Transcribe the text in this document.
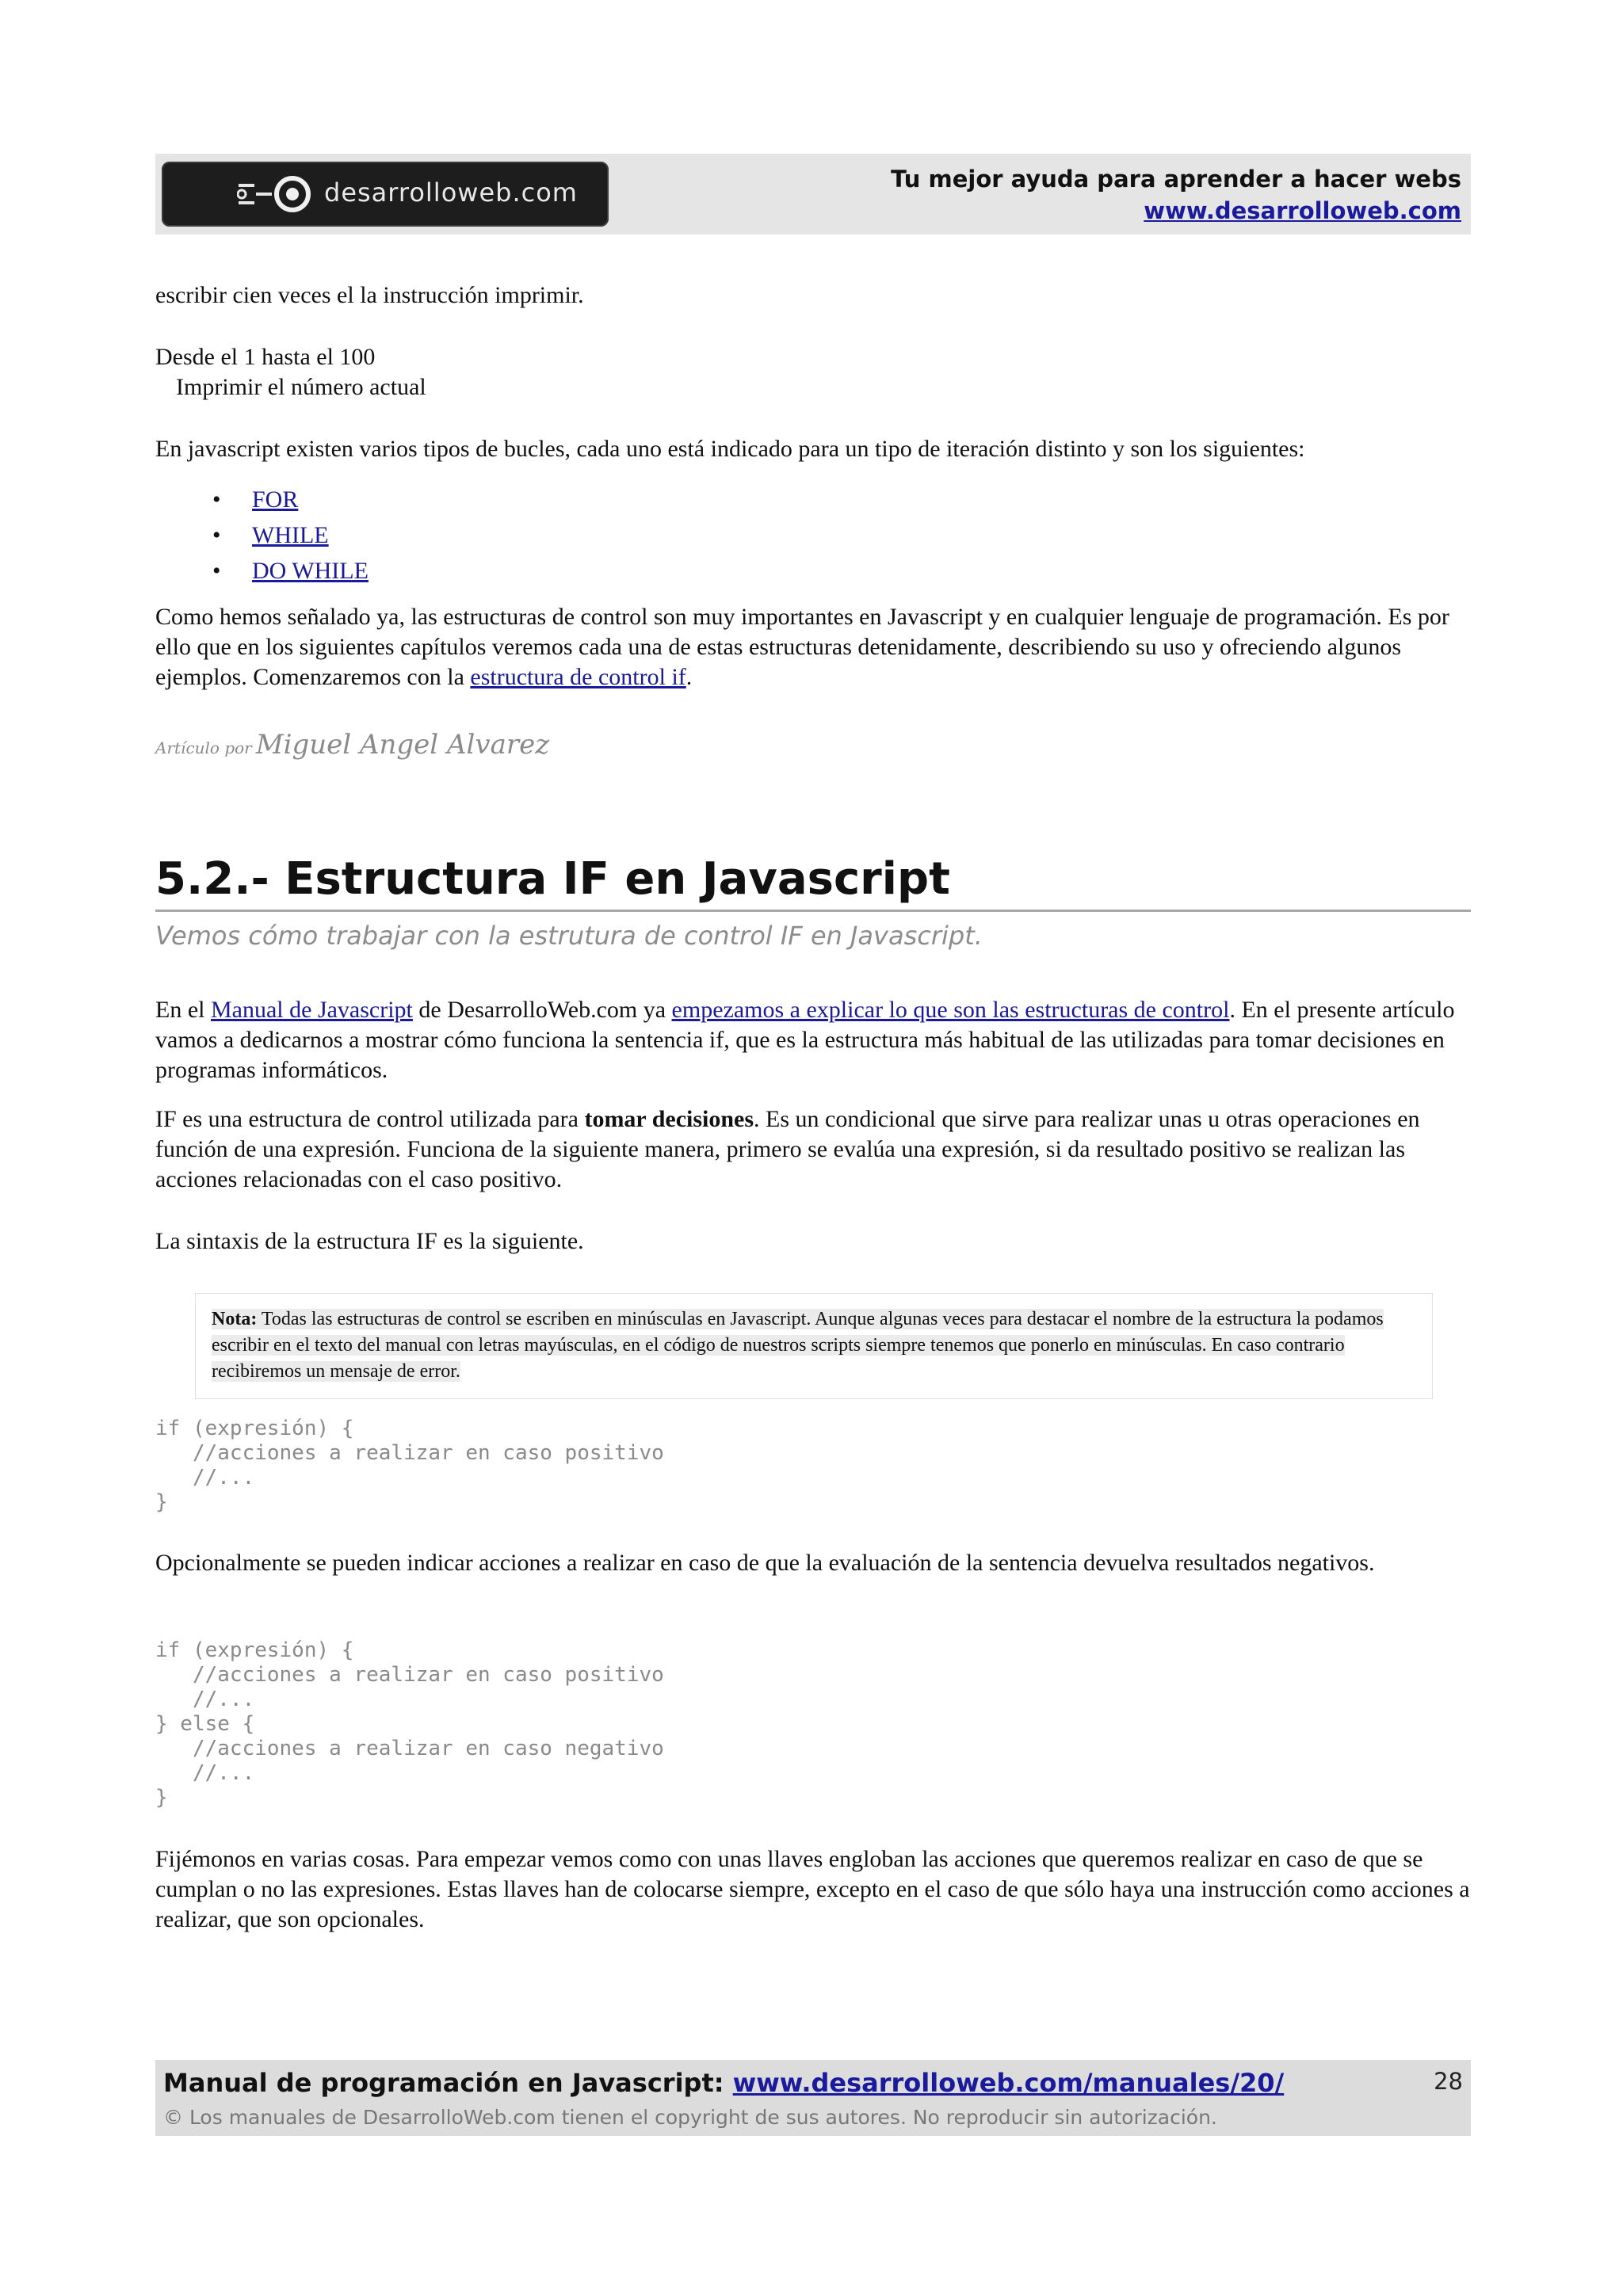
desarrolloweb.com	Tu mejor ayuda para aprender a hacer webs
www.desarrolloweb.com

escribir cien veces el la instrucción imprimir.

Desde el 1 hasta el 100

Imprimir el número actual

En javascript existen varios tipos de bucles, cada uno está indicado para un tipo de iteración distinto y son los siguientes:

• FOR
• WHILE
• DO WHILE

Como hemos señalado ya, las estructuras de control son muy importantes en Javascript y en cualquier lenguaje de programación. Es por ello que en los siguientes capítulos veremos cada una de estas estructuras detenidamente, describiendo su uso y ofreciendo algunos ejemplos. Comenzaremos con la estructura de control if.

Artículo por Miguel Angel Alvarez
5.2.- Estructura IF en Javascript
Vemos cómo trabajar con la estrutura de control IF en Javascript.

En el Manual de Javascript de DesarrolloWeb.com ya empezamos a explicar lo que son las estructuras de control. En el presente artículo vamos a dedicarnos a mostrar cómo funciona la sentencia if, que es la estructura más habitual de las utilizadas para tomar decisiones en programas informáticos.

IF es una estructura de control utilizada para tomar decisiones. Es un condicional que sirve para realizar unas u otras operaciones en función de una expresión. Funciona de la siguiente manera, primero se evalúa una expresión, si da resultado positivo se realizan las acciones relacionadas con el caso positivo.

La sintaxis de la estructura IF es la siguiente.

Nota: Todas las estructuras de control se escriben en minúsculas en Javascript. Aunque algunas veces para destacar el nombre de la estructura la podamos escribir en el texto del manual con letras mayúsculas, en el código de nuestros scripts siempre tenemos que ponerlo en minúsculas. En caso contrario recibiremos un mensaje de error.
if (expresión) {
//acciones a realizar en caso positivo
//...
}

Opcionalmente se pueden indicar acciones a realizar en caso de que la evaluación de la sentencia devuelva resultados negativos.

if (expresión) {
//acciones a realizar en caso positivo
//...
} else {
//acciones a realizar en caso negativo
//...
}

Fijémonos en varias cosas. Para empezar vemos como con unas llaves engloban las acciones que queremos realizar en caso de que se cumplan o no las expresiones. Estas llaves han de colocarse siempre, excepto en el caso de que sólo haya una instrucción como acciones a realizar, que son opcionales.

Manual de programación en Javascript: www.desarrolloweb.com/manuales/20/
© Los manuales de DesarrolloWeb.com tienen el copyright de sus autores. No reproducir sin autorización.
28
